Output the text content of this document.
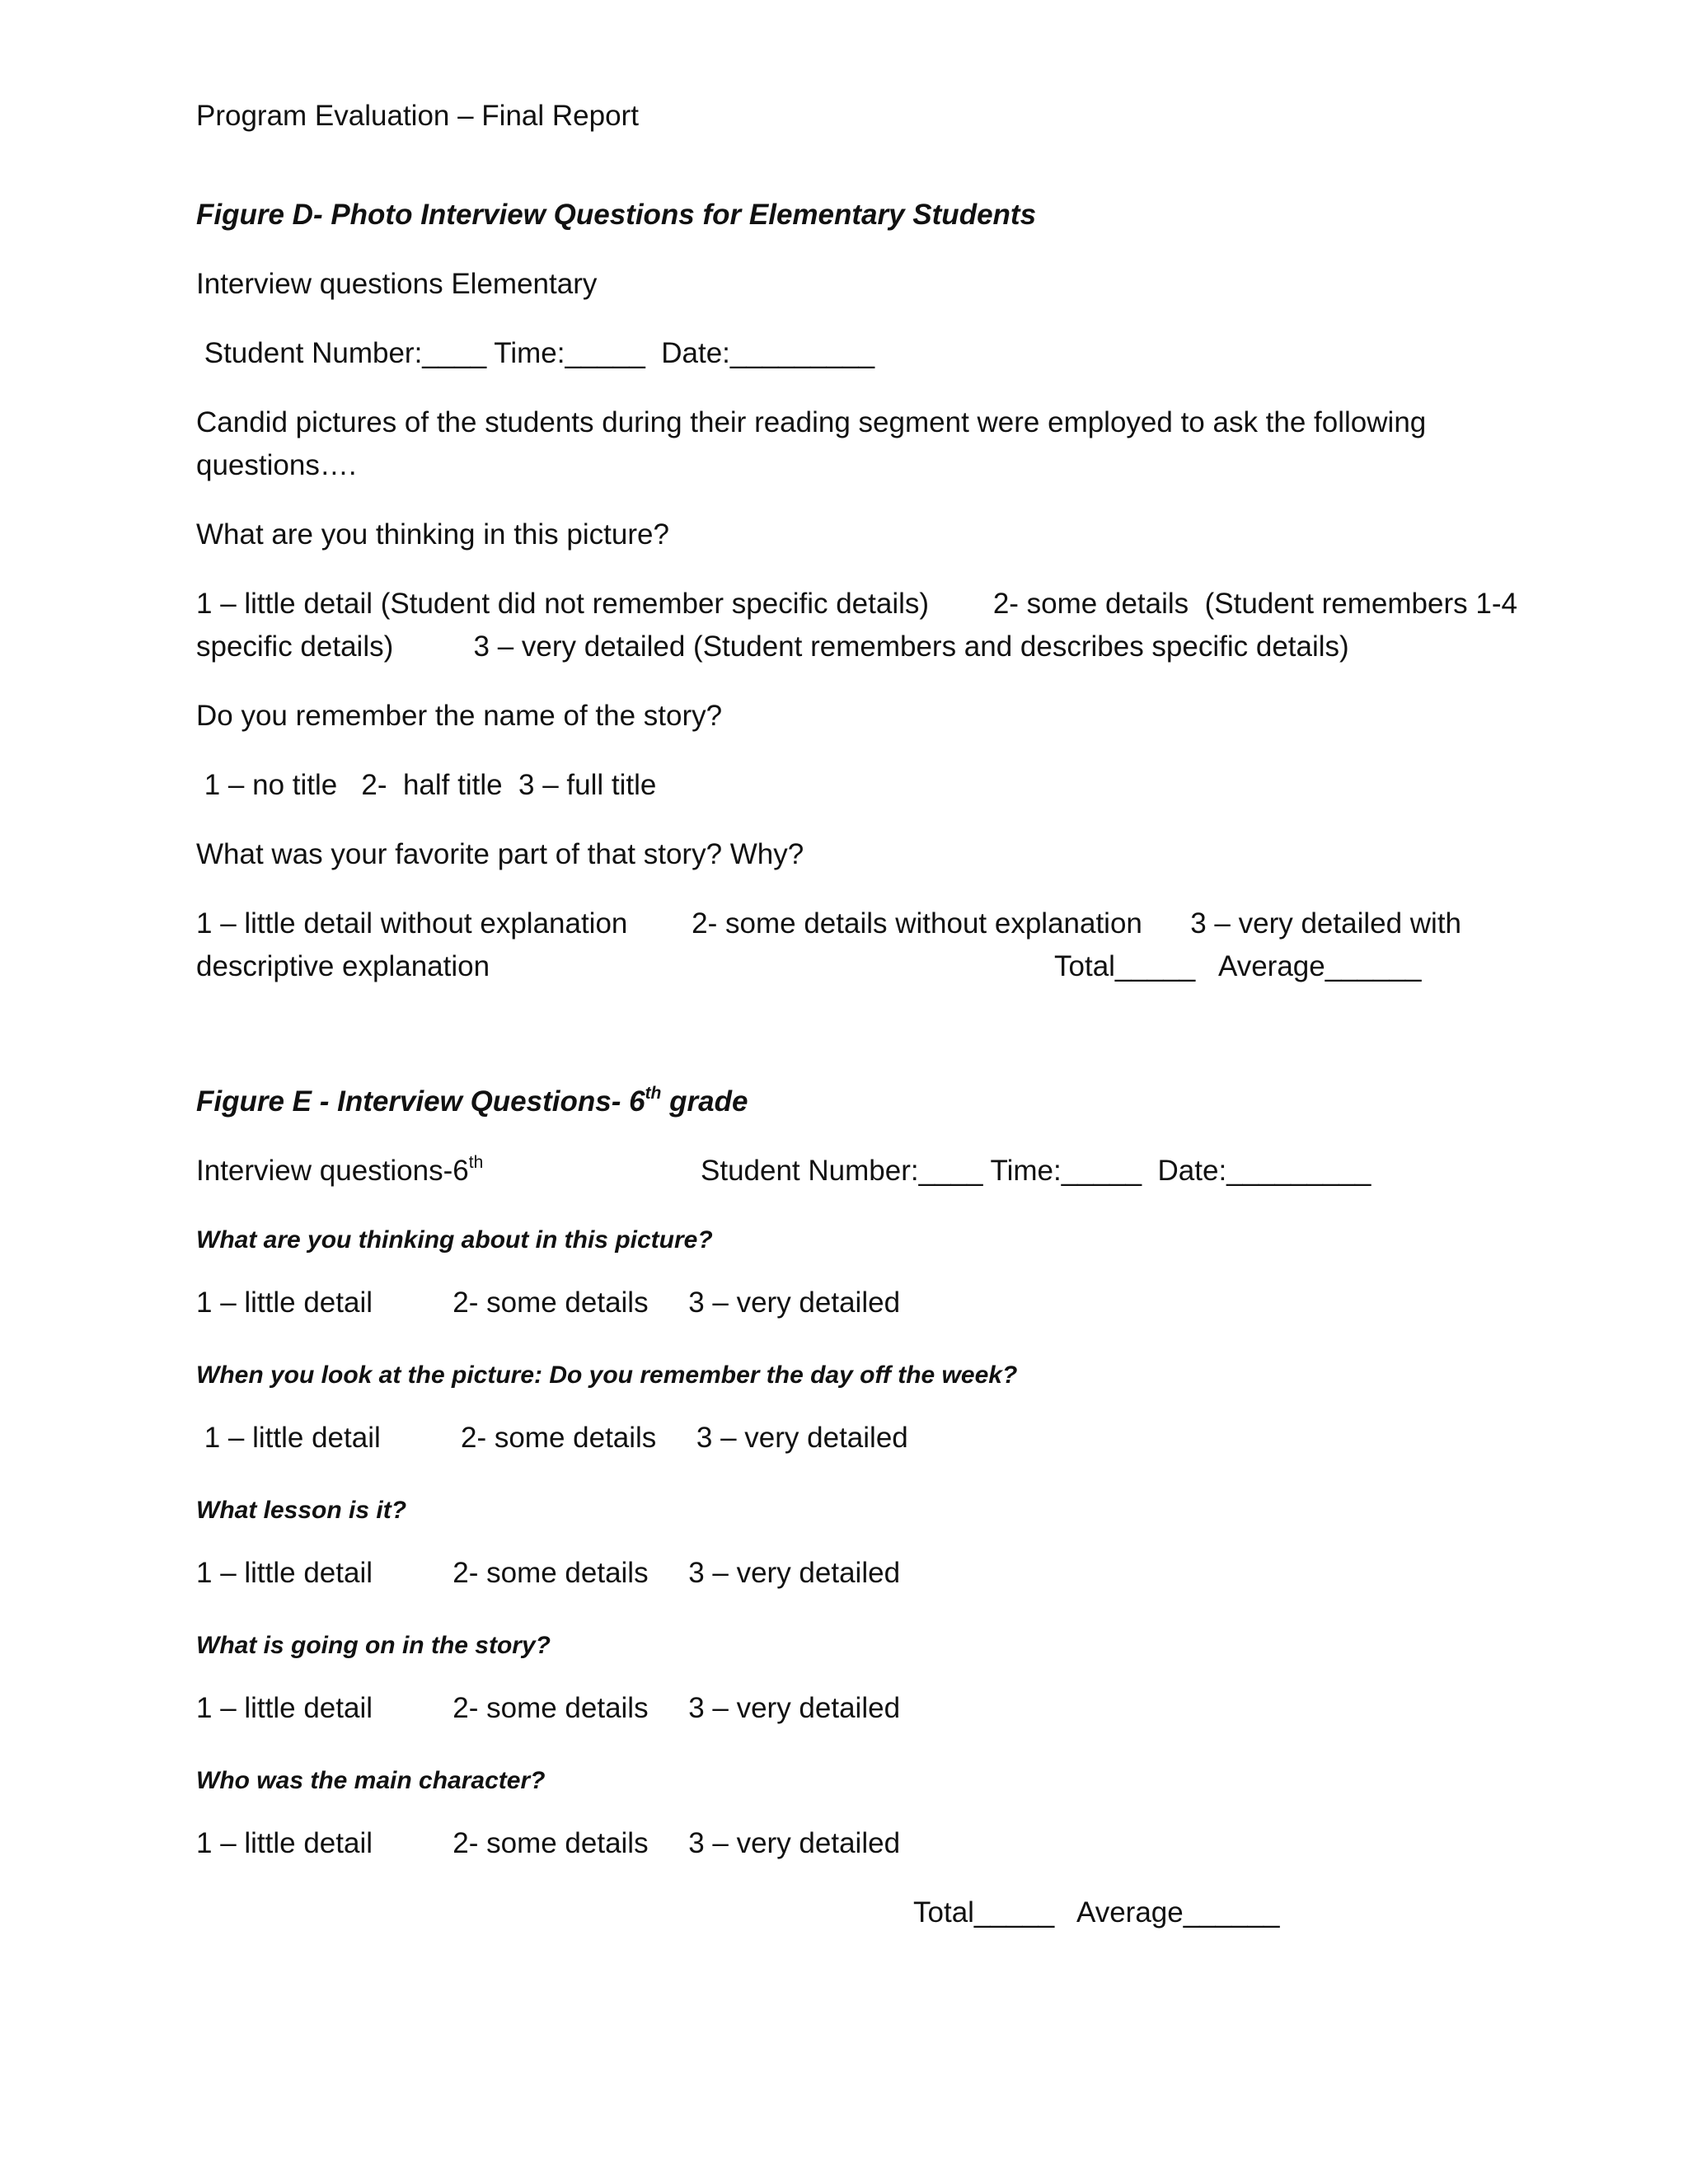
Program Evaluation – Final Report
Figure D- Photo Interview Questions for Elementary Students
Interview questions Elementary
Student Number:____ Time:_____  Date:_________
Candid pictures of the students during their reading segment were employed to ask the following
questions….
What are you thinking in this picture?
1 – little detail (Student did not remember specific details)        2- some details  (Student remembers 1-4
specific details)          3 – very detailed (Student remembers and describes specific details)
Do you remember the name of the story?
1 – no title   2-  half title  3 – full title
What was your favorite part of that story? Why?
1 – little detail without explanation        2- some details without explanation      3 – very detailed with
descriptive explanation	Total_____ Average______
Figure E - Interview Questions- 6th grade
Interview questions-6th	Student Number:____ Time:_____  Date:_________
What are you thinking about in this picture?
1 – little detail          2- some details     3 – very detailed
When you look at the picture: Do you remember the day off the week?
1 – little detail          2- some details     3 – very detailed
What lesson is it?
1 – little detail          2- some details     3 – very detailed
What is going on in the story?
1 – little detail          2- some details     3 – very detailed
Who was the main character?
1 – little detail          2- some details     3 – very detailed
Total_____ Average______
